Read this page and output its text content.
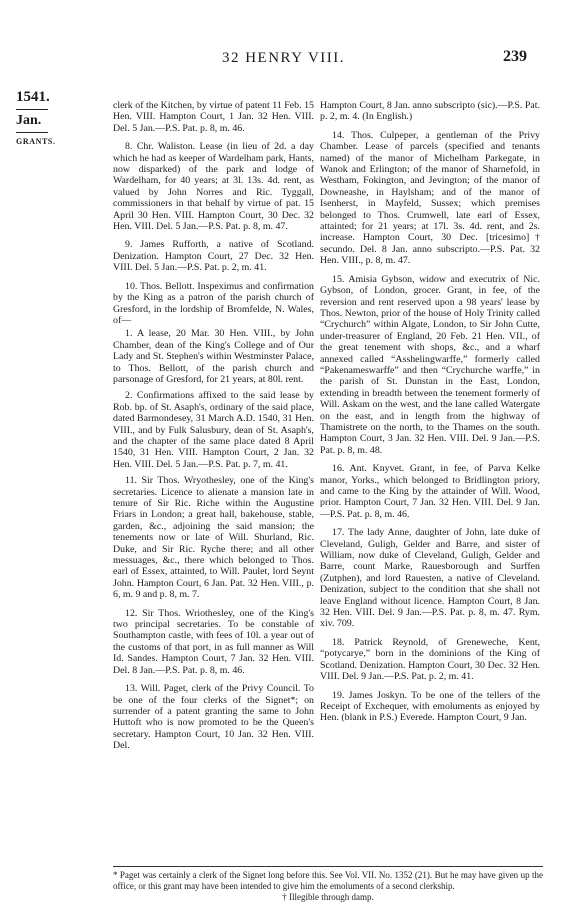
32 HENRY VIII.	239
1541.
Jan.
GRANTS.

clerk of the Kitchen, by virtue of patent 11 Feb. 15 Hen. VIII. Hampton Court, 1 Jan. 32 Hen. VIII. Del. 5 Jan.—P.S. Pat. p. 8, m. 46.

8. Chr. Waliston. Lease (in lieu of 2d. a day which he had as keeper of Wardelham park, Hants, now disparked) of the park and lodge of Wardelham, for 40 years; at 3l. 13s. 4d. rent, as valued by John Norres and Ric. Tyggall, commissioners in that behalf by virtue of pat. 15 April 30 Hen. VIII. Hampton Court, 30 Dec. 32 Hen. VIII. Del. 5 Jan.—P.S. Pat. p. 8, m. 47.

9. James Rufforth, a native of Scotland. Denization. Hampton Court, 27 Dec. 32 Hen. VIII. Del. 5 Jan.—P.S. Pat. p. 2, m. 41.

10. Thos. Bellott. Inspeximus and confirmation by the King as a patron of the parish church of Gresford, in the lordship of Bromfelde, N. Wales, of—

1. A lease, 20 Mar. 30 Hen. VIII., by John Chamber, dean of the King's College and of Our Lady and St. Stephen's within Westminster Palace, to Thos. Bellott, of the parish church and parsonage of Gresford, for 21 years, at 80l. rent.

2. Confirmations affixed to the said lease by Rob. bp. of St. Asaph's, ordinary of the said place, dated Barmondesey, 31 March A.D. 1540, 31 Hen. VIII., and by Fulk Salusbury, dean of St. Asaph's, and the chapter of the same place dated 8 April 1540, 31 Hen. VIII. Hampton Court, 2 Jan. 32 Hen. VIII. Del. 5 Jan.—P.S. Pat. p. 7, m. 41.

11. Sir Thos. Wryothesley, one of the King's secretaries. Licence to alienate a mansion late in tenure of Sir Ric. Riche within the Augustine Friars in London; a great hall, bakehouse, stable, garden, &c., adjoining the said mansion; the tenements now or late of Will. Shurland, Ric. Duke, and Sir Ric. Ryche there; and all other messuages, &c., there which belonged to Thos. earl of Essex, attainted, to Will. Paulet, lord Seynt John. Hampton Court, 6 Jan. Pat. 32 Hen. VIII., p. 6, m. 9 and p. 8, m. 7.

12. Sir Thos. Wriothesley, one of the King's two principal secretaries. To be constable of Southampton castle, with fees of 10l. a year out of the customs of that port, in as full manner as Will Id. Sandes. Hampton Court, 7 Jan. 32 Hen. VIII. Del. 8 Jan.—P.S. Pat. p. 8, m. 46.

13. Will. Paget, clerk of the Privy Council. To be one of the four clerks of the Signet*; on surrender of a patent granting the same to John Huttoft who is now promoted to be the Queen's secretary. Hampton Court, 10 Jan. 32 Hen. VIII. Del.

Hampton Court, 8 Jan. anno subscripto (sic).—P.S. Pat. p. 2, m. 4. (In English.)

14. Thos. Culpeper, a gentleman of the Privy Chamber. Lease of parcels (specified and tenants named) of the manor of Michelham Parkegate, in Wanok and Erlington; of the manor of Sharnefold, in Westham, Fokington, and Jevington; of the manor of Downeashe, in Haylsham; and of the manor of Isenherst, in Mayfeld, Sussex; which premises belonged to Thos. Crumwell, late earl of Essex, attainted; for 21 years; at 17l. 3s. 4d. rent, and 2s. increase. Hampton Court, 30 Dec. [tricesimo]† secundo. Del. 8 Jan. anno subscripto.—P.S. Pat. 32 Hen. VIII., p. 8, m. 47.

15. Amisia Gybson, widow and executrix of Nic. Gybson, of London, grocer. Grant, in fee, of the reversion and rent reserved upon a 98 years' lease by Thos. Newton, prior of the house of Holy Trinity called “Crychurch” within Algate, London, to Sir John Cutte, under-treasurer of England, 20 Feb. 21 Hen. VII., of the great tenement with shops, &c., and a wharf annexed called “Asshelingwarffe,” formerly called “Pakenameswarffe” and then “Crychurche warffe,” in the parish of St. Dunstan in the East, London, extending in breadth between the tenement formerly of Will. Askam on the west, and the lane called Watergate on the east, and in length from the highway of Thamistrete on the north, to the Thames on the south. Hampton Court, 3 Jan. 32 Hen. VIII. Del. 9 Jan.—P.S. Pat. p. 8, m. 48.

16. Ant. Knyvet. Grant, in fee, of Parva Kelke manor, Yorks., which belonged to Bridlington priory, and came to the King by the attainder of Will. Wood, prior. Hampton Court, 7 Jan. 32 Hen. VIII. Del. 9 Jan. —P.S. Pat. p. 8, m. 46.

17. The lady Anne, daughter of John, late duke of Cleveland, Guligh, Gelder and Barre, and sister of William, now duke of Cleveland, Guligh, Gelder and Barre, count Marke, Rauesborough and Surffen (Zutphen), and lord Rauesten, a native of Cleveland. Denization, subject to the condition that she shall not leave England without licence. Hampton Court, 8 Jan. 32 Hen. VIII. Del. 9 Jan.—P.S. Pat. p. 8, m. 47. Rym. xiv. 709.

18. Patrick Reynold, of Greneweche, Kent, “potycarye,” born in the dominions of the King of Scotland. Denization. Hampton Court, 30 Dec. 32 Hen. VIII. Del. 9 Jan.—P.S. Pat. p. 2, m. 41.

19. James Joskyn. To be one of the tellers of the Receipt of Exchequer, with emoluments as enjoyed by Hen. (blank in P.S.) Everede. Hampton Court, 9 Jan.

* Paget was certainly a clerk of the Signet long before this. See Vol. VII. No. 1352 (21). But he may have given up the office, or this grant may have been intended to give him the emoluments of a second clerkship.

† Illegible through damp.
